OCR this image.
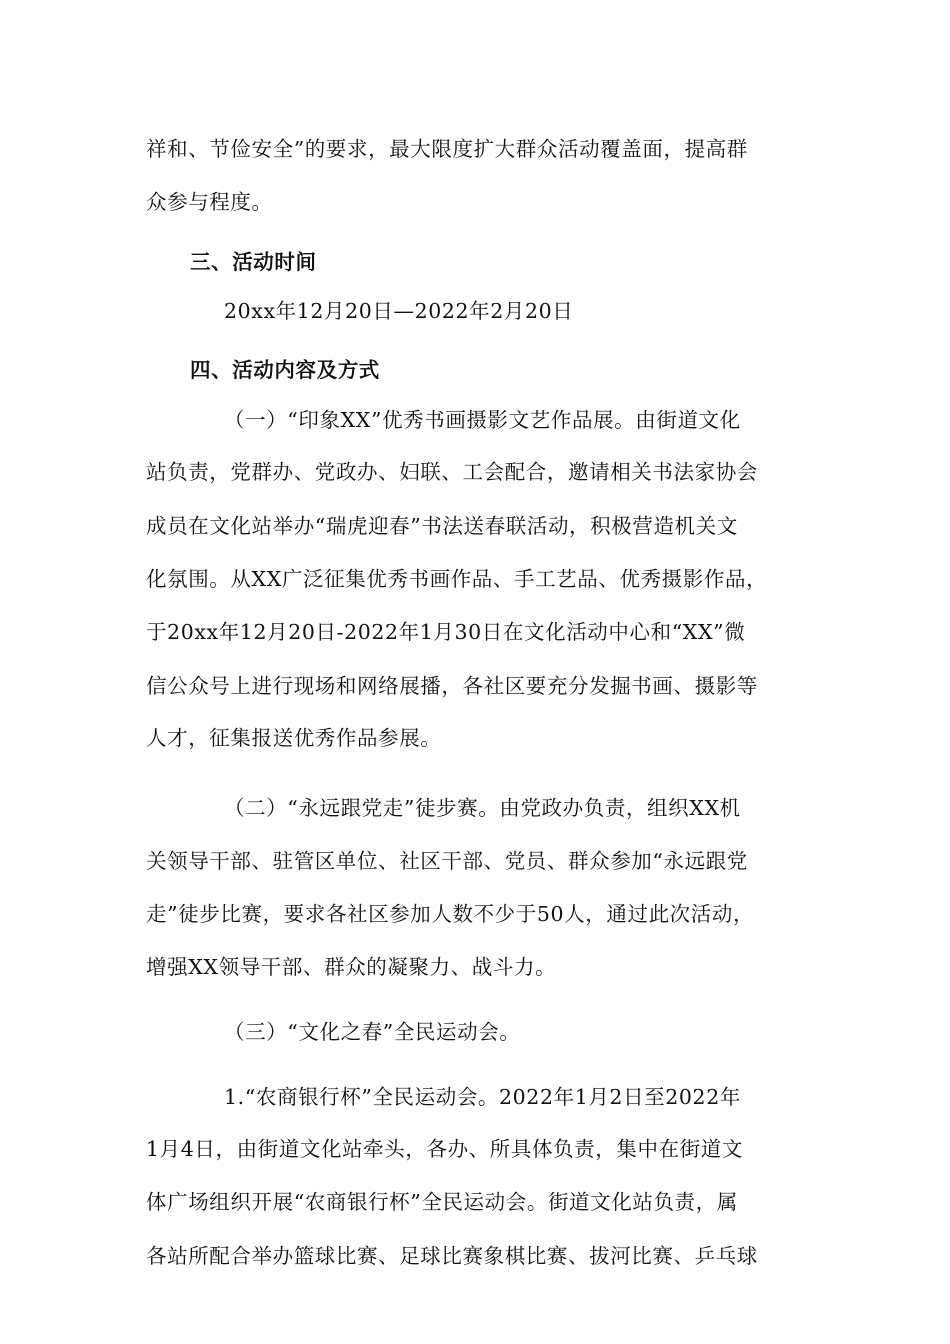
祥和、节俭安全”的要求，最大限度扩大群众活动覆盖面，提高群
众参与程度。
三、活动时间
20xx年12月20日—2022年2月20日
四、活动内容及方式
（一）“印象XX”优秀书画摄影文艺作品展。由街道文化
站负责，党群办、党政办、妇联、工会配合，邀请相关书法家协会
成员在文化站举办“瑞虎迎春”书法送春联活动，积极营造机关文
化氛围。从XX广泛征集优秀书画作品、手工艺品、优秀摄影作品，
于20xx年12月20日-2022年1月30日在文化活动中心和“XX”微
信公众号上进行现场和网络展播，各社区要充分发掘书画、摄影等
人才，征集报送优秀作品参展。
（二）“永远跟党走”徒步赛。由党政办负责，组织XX机
关领导干部、驻管区单位、社区干部、党员、群众参加“永远跟党
走”徒步比赛，要求各社区参加人数不少于50人，通过此次活动，
增强XX领导干部、群众的凝聚力、战斗力。
（三）“文化之春”全民运动会。
1.“农商银行杯”全民运动会。2022年1月2日至2022年
1月4日，由街道文化站牵头，各办、所具体负责，集中在街道文
体广场组织开展“农商银行杯”全民运动会。街道文化站负责，属
各站所配合举办篮球比赛、足球比赛象棋比赛、拔河比赛、乒乓球
